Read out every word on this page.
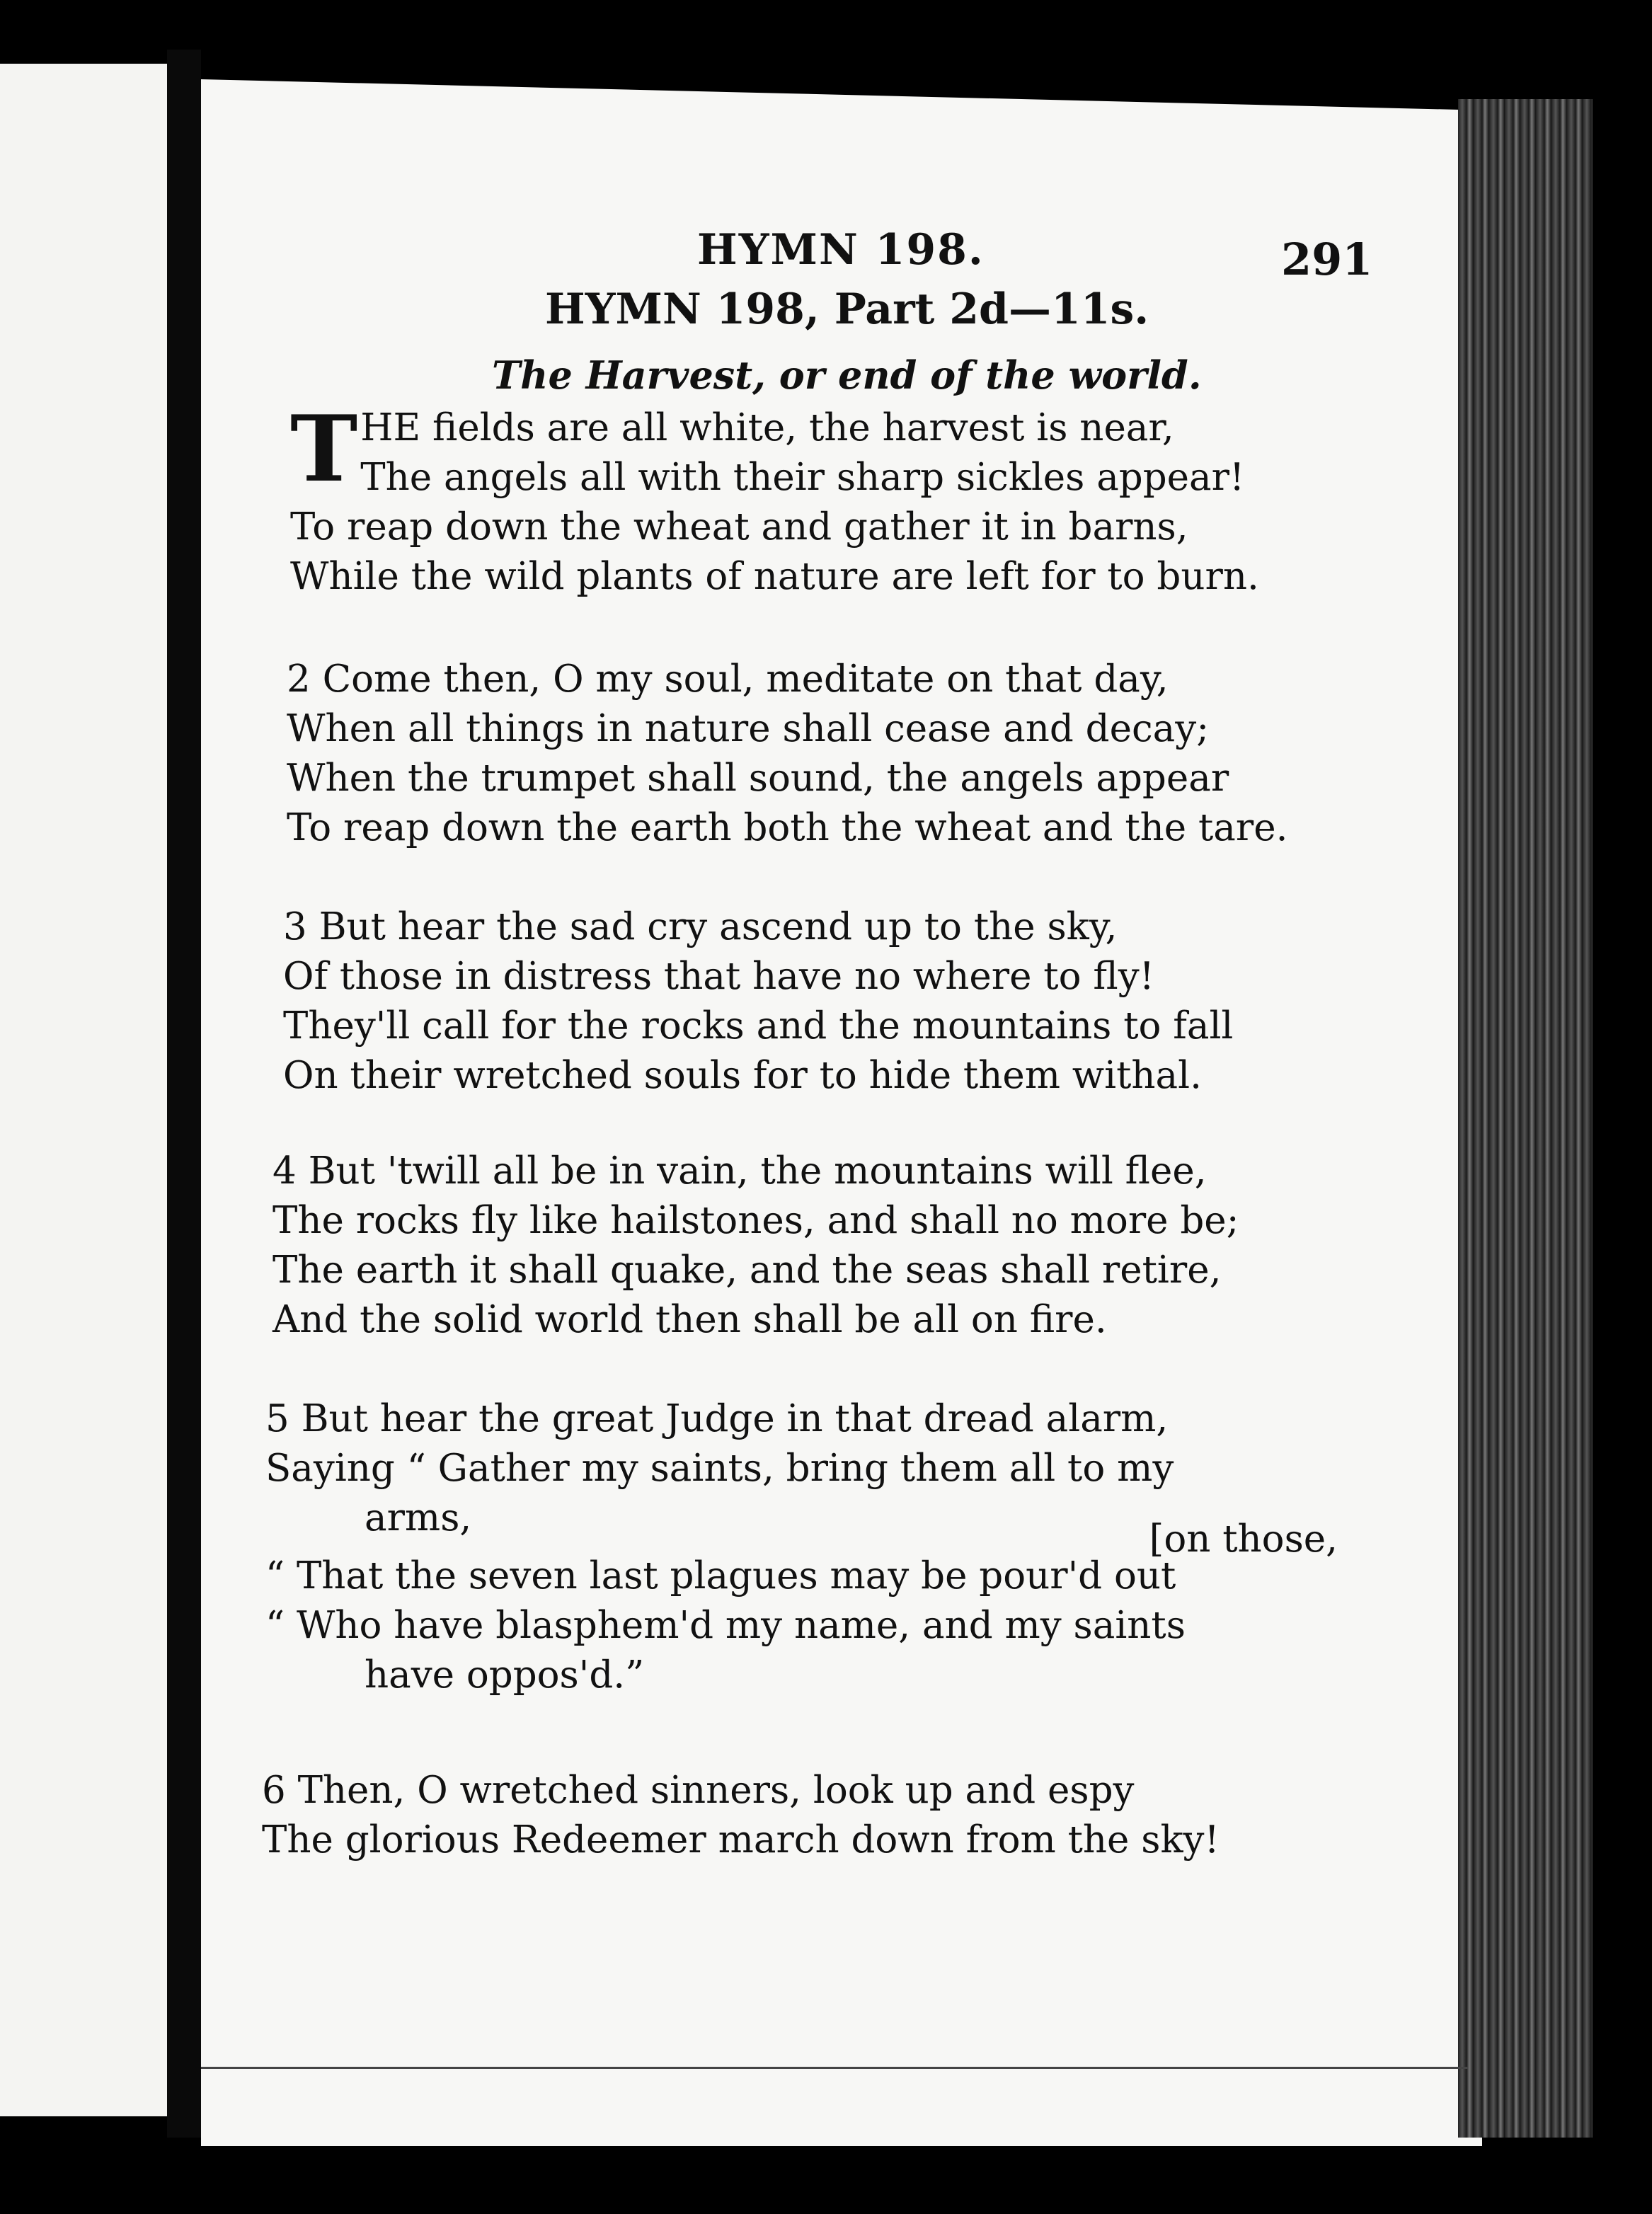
HYMN 198.	291
HYMN 198, Part 2d—11s.
The Harvest, or end of the world.
T HE fields are all white, the harvest is near,
The angels all with their sharp sickles appear!
To reap down the wheat and gather it in barns,
While the wild plants of nature are left for to burn.
2 Come then, O my soul, meditate on that day,
When all things in nature shall cease and decay;
When the trumpet shall sound, the angels appear
To reap down the earth both the wheat and the tare.
3 But hear the sad cry ascend up to the sky,
Of those in distress that have no where to fly!
They'll call for the rocks and the mountains to fall
On their wretched souls for to hide them withal.
4 But 'twill all be in vain, the mountains will flee,
The rocks fly like hailstones, and shall no more be;
The earth it shall quake, and the seas shall retire,
And the solid world then shall be all on fire.
5 But hear the great Judge in that dread alarm,
Saying “ Gather my saints, bring them all to my
arms,	[on those,
“ That the seven last plagues may be pour'd out
“ Who have blasphem'd my name, and my saints
have oppos'd.”
6 Then, O wretched sinners, look up and espy
The glorious Redeemer march down from the sky!
